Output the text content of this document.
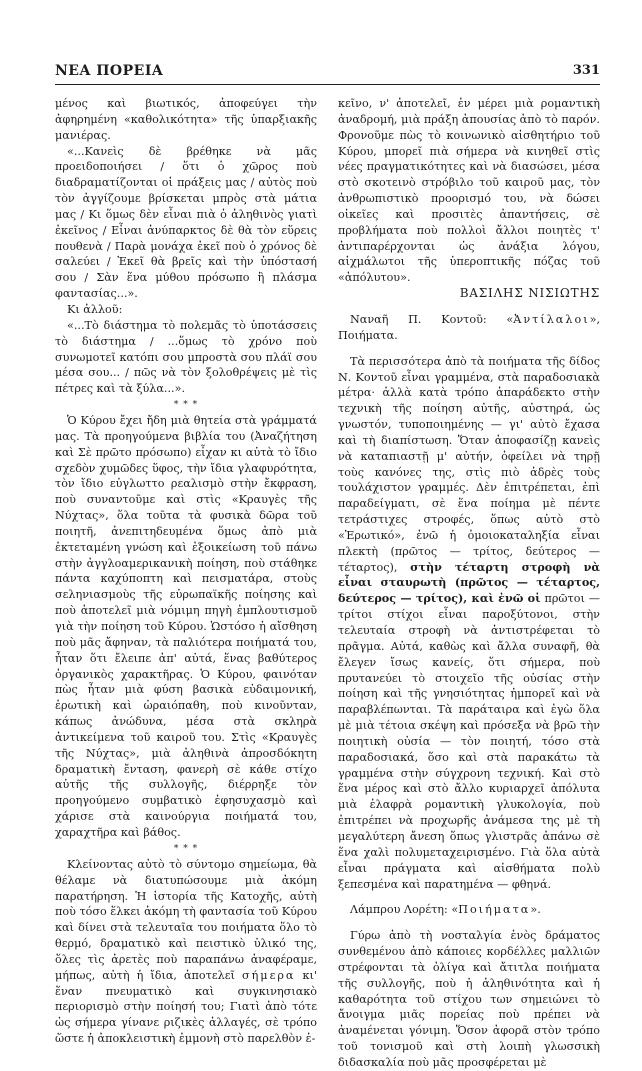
ΝΕΑ ΠΟΡΕΙΑ	331

μένος καὶ βιωτικός, ἀποφεύγει τὴν ἀφηρημένη «καθολικότητα» τῆς ὑπαρξιακῆς μανιέρας.

«...Κανεὶς δὲ βρέθηκε νὰ μᾶς προειδοποιήσει / ὅτι ὁ χῶρος ποὺ διαδραματίζονται οἱ πράξεις μας / αὐτὸς ποὺ τὸν ἀγγίζουμε βρίσκεται μπρὸς στὰ μάτια μας / Κι ὅμως δὲν εἶναι πιὰ ὁ ἀληθινὸς γιατὶ ἐκεῖνος / Εἶναι ἀνύπαρκτος δὲ θὰ τὸν εὕρεις πουθενὰ / Παρὰ μονάχα ἐκεῖ ποὺ ὁ χρόνος δὲ σαλεύει / Ἐκεῖ θὰ βρεῖς καὶ τὴν ὑπόστασή σου / Σὰν ἕνα μύθου πρόσωπο ἢ πλάσμα φαντασίας...».

Κι ἀλλοῦ:

«...Τὸ διάστημα τὸ πολεμᾶς τὸ ὑποτάσσεις τὸ διάστημα / ...ὅμως τὸ χρόνο ποὺ συνωμοτεῖ κατόπι σου μπροστὰ σου πλάϊ σου μέσα σου... / πῶς νὰ τὸν ξολοθρέψεις μὲ τὶς πέτρες καὶ τὰ ξύλα...».

* * *

Ὁ Κύρου ἔχει ἤδη μιὰ θητεία στὰ γράμματά μας. Τὰ προηγούμενα βιβλία του (Ἀναζήτηση καὶ Σὲ πρῶτο πρόσωπο) εἶχαν κι αὐτὰ τὸ ἴδιο σχεδὸν χυμῶδες ὕφος, τὴν ἴδια γλαφυρότητα, τὸν ἴδιο εὐγλωττο ρεαλισμὸ στὴν ἔκφραση, ποὺ συναντοῦμε καὶ στὶς «Κραυγὲς τῆς Νύχτας», ὅλα τοῦτα τὰ φυσικὰ δῶρα τοῦ ποιητῆ, ἀνεπιτηδευμένα ὅμως ἀπὸ μιὰ ἐκτεταμένη γνώση καὶ ἐξοικείωση τοῦ πάνω στὴν ἀγγλοαμερικανικὴ ποίηση, ποὺ στάθηκε πάντα καχύποπτη καὶ πεισματάρα, στοὺς σεληνιασμοὺς τῆς εὐρωπαϊκῆς ποίησης καὶ ποὺ ἀποτελεῖ μιὰ νόμιμη πηγὴ ἐμπλουτισμοῦ γιὰ τὴν ποίηση τοῦ Κύρου. Ὡστόσο ἡ αἴσθηση ποὺ μᾶς ἄφηναν, τὰ παλιότερα ποιήματά του, ἦταν ὅτι ἔλειπε ἀπ' αὐτά, ἕνας βαθύτερος ὀργανικὸς χαρακτῆρας. Ὁ Κύρου, φαινόταν πὼς ἦταν μιὰ φύση βασικὰ εὐδαιμονική, ἐρωτικὴ καὶ ὡραιόπαθη, ποὺ κινοῦνταν, κάπως ἀνώδυνα, μέσα στὰ σκληρὰ ἀντικείμενα τοῦ καιροῦ του. Στὶς «Κραυγὲς τῆς Νύχτας», μιὰ ἀληθινὰ ἀπροσδόκητη δραματικὴ ἔνταση, φανερὴ σὲ κάθε στίχο αὐτῆς τῆς συλλογῆς, διέρρηξε τὸν προηγούμενο συμβατικὸ ἐφησυχασμὸ καὶ χάρισε στὰ καινούργια ποιήματά του, χαραχτῆρα καὶ βάθος.

* * *

Κλείνοντας αὐτὸ τὸ σύντομο σημείωμα, θὰ θέλαμε νὰ διατυπώσουμε μιὰ ἀκόμη παρατήρηση. Ἡ ἱστορία τῆς Κατοχῆς, αὐτὴ ποὺ τόσο ἕλκει ἀκόμη τὴ φαντασία τοῦ Κύρου καὶ δίνει στὰ τελευταῖα του ποιήματα ὅλο τὸ θερμό, δραματικὸ καὶ πειστικὸ ὑλικό της, ὅλες τὶς ἀρετὲς ποὺ παραπάνω ἀναφέραμε, μήπως, αὐτὴ ἡ ἴδια, ἀποτελεῖ σήμερα κι' ἕναν πνευματικὸ καὶ συγκινησιακὸ περιορισμὸ στὴν ποίησή του; Γιατὶ ἀπὸ τότε ὡς σήμερα γίνανε ριζικὲς ἀλλαγές, σὲ τρόπο ὥστε ἡ ἀποκλειστικὴ ἐμμονὴ στὸ παρελθὸν ἐ-

κεῖνο, ν' ἀποτελεῖ, ἐν μέρει μιὰ ρομαντικὴ ἀναδρομή, μιὰ πράξη ἀπουσίας ἀπὸ τὸ παρόν. Φρονοῦμε πὼς τὸ κοινωνικὸ αἰσθητήριο τοῦ Κύρου, μπορεῖ πιὰ σήμερα νὰ κινηθεῖ στὶς νέες πραγματικότητες καὶ νὰ διασώσει, μέσα στὸ σκοτεινὸ στρόβιλο τοῦ καιροῦ μας, τὸν ἀνθρωπιστικὸ προορισμό του, νὰ δώσει οἰκεῖες καὶ προσιτὲς ἀπαντήσεις, σὲ προβλήματα ποὺ πολλοὶ ἄλλοι ποιητὲς τ' ἀντιπαρέρχονται ὡς ἀνάξια λόγου, αἰχμάλωτοι τῆς ὑπεροπτικῆς πόζας τοῦ «ἀπόλυτου».

ΒΑΣΙΛΗΣ ΝΙΣΙΩΤΗΣ

Ναναῆ Π. Κοντοῦ: «Ἀντίλαλοι», Ποιήματα.

Τὰ περισσότερα ἀπὸ τὰ ποιήματα τῆς δίδος Ν. Κοντοῦ εἶναι γραμμένα, στὰ παραδοσιακὰ μέτρα· ἀλλὰ κατὰ τρόπο ἀπαράδεκτο στὴν τεχνικὴ τῆς ποίηση αὐτῆς, αὐστηρά, ὡς γνωστόν, τυποποιημένης — γι' αὐτὸ ἔχασα καὶ τὴ διαπίστωση. Ὅταν ἀποφασίζῃ κανεὶς νὰ καταπιαστῇ μ' αὐτήν, ὀφείλει νὰ τηρῇ τοὺς κανόνες της, στὶς πιὸ ἁδρὲς τοὺς τουλάχιστον γραμμές. Δὲν ἐπιτρέπεται, ἐπὶ παραδείγματι, σὲ ἕνα ποίημα μὲ πέντε τετράστιχες στροφές, ὅπως αὐτὸ στὸ «Ἐρωτικό», ἐνῶ ἡ ὁμοιοκαταληξία εἶναι πλεκτὴ (πρῶτος — τρίτος, δεύτερος — τέταρτος), στὴν τέταρτη στροφὴ νὰ εἶναι σταυρωτὴ (πρῶτος — τέταρτος, δεύτερος — τρίτος), καὶ ἐνῶ οἱ πρῶτοι — τρίτοι στίχοι εἶναι παροξύτονοι, στὴν τελευταία στροφὴ νὰ ἀντιστρέφεται τὸ πρᾶγμα. Αὐτά, καθὼς καὶ ἄλλα συναφῆ, θὰ ἔλεγεν ἴσως κανείς, ὅτι σήμερα, ποὺ πρυτανεύει τὸ στοιχεῖο τῆς οὐσίας στὴν ποίηση καὶ τῆς γνησιότητας ἠμπορεῖ καὶ νὰ παραβλέπωνται. Τὰ παράταιρα καὶ ἐγὼ ὅλα μὲ μιὰ τέτοια σκέψη καὶ πρόσεξα νὰ βρῶ τὴν ποιητικὴ οὐσία — τὸν ποιητή, τόσο στὰ παραδοσιακά, ὅσο καὶ στὰ παρακάτω τὰ γραμμένα στὴν σύγχρονη τεχνική. Καὶ στὸ ἕνα μέρος καὶ στὸ ἄλλο κυριαρχεῖ ἀπόλυτα μιὰ ἐλαφρὰ ρομαντικὴ γλυκολογία, ποὺ ἐπιτρέπει νὰ προχωρῆς ἀνάμεσα της μὲ τὴ μεγαλύτερη ἄνεση ὅπως γλιστρᾶς ἀπάνω σὲ ἕνα χαλὶ πολυμεταχειρισμένο. Γιὰ ὅλα αὐτὰ εἶναι πράγματα καὶ αἰσθήματα πολὺ ξεπεσμένα καὶ παρατημένα — φθηνά.

Λάμπρου Λορέτη: «Ποιήματα».

Γύρω ἀπὸ τὴ νοσταλγία ἑνὸς δράματος συνθεμένου ἀπὸ κάποιες κορδέλλες μαλλιῶν στρέφονται τὰ ὀλίγα καὶ ἄτιτλα ποιήματα τῆς συλλογῆς, ποὺ ἡ ἀληθινότητα καὶ ἡ καθαρότητα τοῦ στίχου των σημειώνει τὸ ἄνοιγμα μιᾶς πορείας ποὺ πρέπει νὰ ἀναμένεται γόνιμη. Ὅσον ἀφορᾶ στὸν τρόπο τοῦ τονισμοῦ καὶ στὴ λοιπὴ γλωσσικὴ διδασκαλία ποὺ μᾶς προσφέρεται μὲ
